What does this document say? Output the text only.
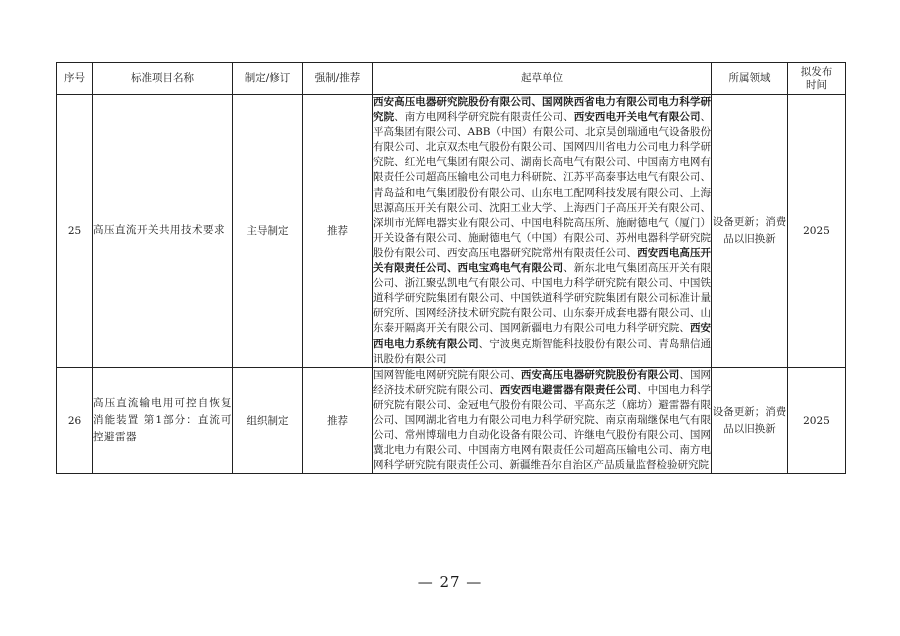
序号	标准项目名称	制定/修订	强制/推荐	起草单位	所属领域	拟发布
时间
25	高压直流开关共用技术要求	主导制定	推荐	西安高压电器研究院股份有限公司、国网陕西省电力有限公司电力科学研究院、南方电网科学研究院有限责任公司、西安西电开关电气有限公司、平高集团有限公司、ABB（中国）有限公司、北京昊创瑞通电气设备股份有限公司、北京双杰电气股份有限公司、国网四川省电力公司电力科学研究院、红光电气集团有限公司、湖南长高电气有限公司、中国南方电网有限责任公司超高压输电公司电力科研院、江苏平高泰事达电气有限公司、青岛益和电气集团股份有限公司、山东电工配网科技发展有限公司、上海思源高压开关有限公司、沈阳工业大学、上海西门子高压开关有限公司、深圳市光辉电器实业有限公司、中国电科院高压所、施耐德电气（厦门）开关设备有限公司、施耐德电气（中国）有限公司、苏州电器科学研究院股份有限公司、西安高压电器研究院常州有限责任公司、西安西电高压开关有限责任公司、西电宝鸡电气有限公司、新东北电气集团高压开关有限公司、浙江聚弘凯电气有限公司、中国电力科学研究院有限公司、中国铁道科学研究院集团有限公司、中国铁道科学研究院集团有限公司标准计量研究所、国网经济技术研究院有限公司、山东泰开成套电器有限公司、山东泰开隔离开关有限公司、国网新疆电力有限公司电力科学研究院、西安西电电力系统有限公司、宁波奥克斯智能科技股份有限公司、青岛鼎信通讯股份有限公司	设备更新；消费品以旧换新	2025
26	高压直流输电用可控自恢复消能装置 第1部分：直流可控避雷器	组织制定	推荐	国网智能电网研究院有限公司、西安高压电器研究院股份有限公司、国网经济技术研究院有限公司、西安西电避雷器有限责任公司、中国电力科学研究院有限公司、金冠电气股份有限公司、平高东芝（廊坊）避雷器有限公司、国网湖北省电力有限公司电力科学研究院、南京南瑞继保电气有限公司、常州博瑞电力自动化设备有限公司、许继电气股份有限公司、国网冀北电力有限公司、中国南方电网有限责任公司超高压输电公司、南方电网科学研究院有限责任公司、新疆维吾尔自治区产品质量监督检验研究院	设备更新；消费品以旧换新	2025
— 27 —
